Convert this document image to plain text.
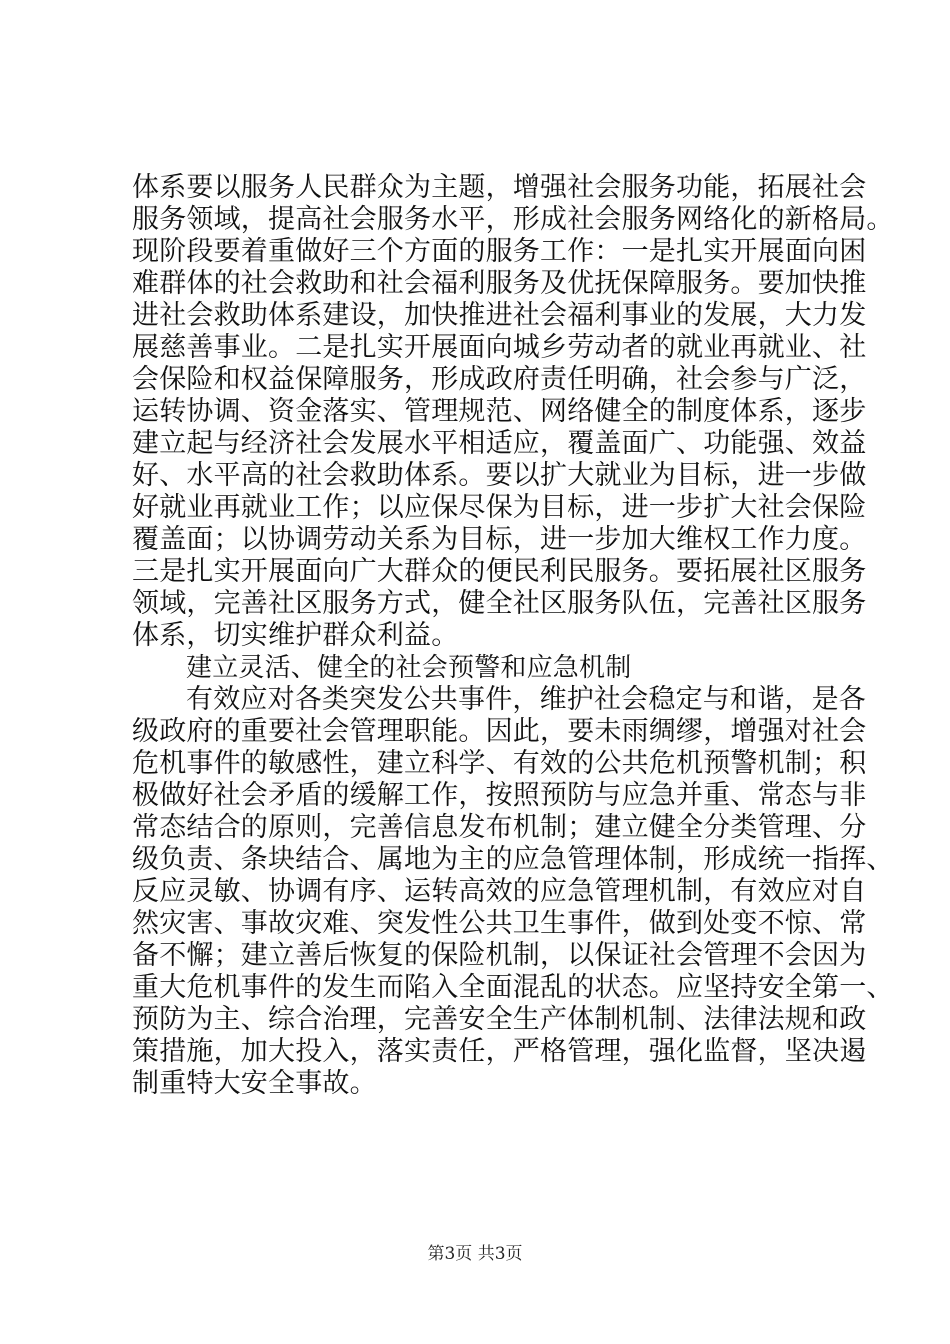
体系要以服务人民群众为主题，增强社会服务功能，拓展社会

服务领域，提高社会服务水平，形成社会服务网络化的新格局。

现阶段要着重做好三个方面的服务工作：一是扎实开展面向困

难群体的社会救助和社会福利服务及优抚保障服务。要加快推

进社会救助体系建设，加快推进社会福利事业的发展，大力发

展慈善事业。二是扎实开展面向城乡劳动者的就业再就业、社

会保险和权益保障服务，形成政府责任明确，社会参与广泛，

运转协调、资金落实、管理规范、网络健全的制度体系，逐步

建立起与经济社会发展水平相适应，覆盖面广、功能强、效益

好、水平高的社会救助体系。要以扩大就业为目标，进一步做

好就业再就业工作；以应保尽保为目标，进一步扩大社会保险

覆盖面；以协调劳动关系为目标，进一步加大维权工作力度。

三是扎实开展面向广大群众的便民利民服务。要拓展社区服务

领域，完善社区服务方式，健全社区服务队伍，完善社区服务

体系，切实维护群众利益。

建立灵活、健全的社会预警和应急机制

有效应对各类突发公共事件，维护社会稳定与和谐，是各

级政府的重要社会管理职能。因此，要未雨绸缪，增强对社会

危机事件的敏感性，建立科学、有效的公共危机预警机制；积

极做好社会矛盾的缓解工作，按照预防与应急并重、常态与非

常态结合的原则，完善信息发布机制；建立健全分类管理、分

级负责、条块结合、属地为主的应急管理体制，形成统一指挥、

反应灵敏、协调有序、运转高效的应急管理机制，有效应对自

然灾害、事故灾难、突发性公共卫生事件，做到处变不惊、常

备不懈；建立善后恢复的保险机制，以保证社会管理不会因为

重大危机事件的发生而陷入全面混乱的状态。应坚持安全第一、

预防为主、综合治理，完善安全生产体制机制、法律法规和政

策措施，加大投入，落实责任，严格管理，强化监督，坚决遏

制重特大安全事故。

第3页 共3页
